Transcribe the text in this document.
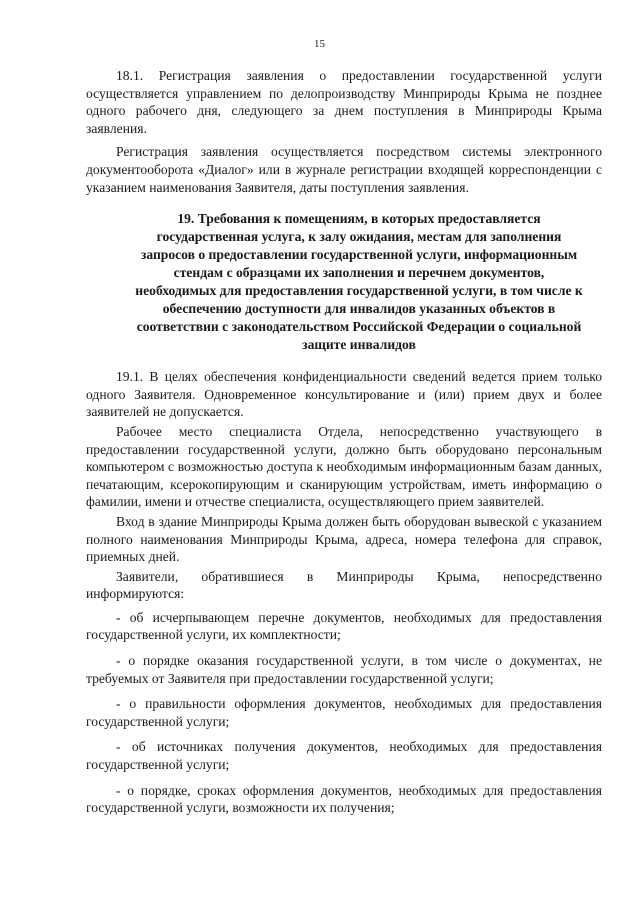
15

18.1. Регистрация заявления о предоставлении государственной услуги осуществляется управлением по делопроизводству Минприроды Крыма не позднее одного рабочего дня, следующего за днем поступления в Минприроды Крыма заявления.

Регистрация заявления осуществляется посредством системы электронного документооборота «Диалог» или в журнале регистрации входящей корреспонденции с указанием наименования Заявителя, даты поступления заявления.

19. Требования к помещениям, в которых предоставляется государственная услуга, к залу ожидания, местам для заполнения запросов о предоставлении государственной услуги, информационным стендам с образцами их заполнения и перечнем документов, необходимых для предоставления государственной услуги, в том числе к обеспечению доступности для инвалидов указанных объектов в соответствии с законодательством Российской Федерации о социальной защите инвалидов

19.1. В целях обеспечения конфиденциальности сведений ведется прием только одного Заявителя. Одновременное консультирование и (или) прием двух и более заявителей не допускается.

Рабочее место специалиста Отдела, непосредственно участвующего в предоставлении государственной услуги, должно быть оборудовано персональным компьютером с возможностью доступа к необходимым информационным базам данных, печатающим, ксерокопирующим и сканирующим устройствам, иметь информацию о фамилии, имени и отчестве специалиста, осуществляющего прием заявителей.

Вход в здание Минприроды Крыма должен быть оборудован вывеской с указанием полного наименования Минприроды Крыма, адреса, номера телефона для справок, приемных дней.

Заявители, обратившиеся в Минприроды Крыма, непосредственно информируются:

- об исчерпывающем перечне документов, необходимых для предоставления государственной услуги, их комплектности;

- о порядке оказания государственной услуги, в том числе о документах, не требуемых от Заявителя при предоставлении государственной услуги;

- о правильности оформления документов, необходимых для предоставления государственной услуги;

- об источниках получения документов, необходимых для предоставления государственной услуги;

- о порядке, сроках оформления документов, необходимых для предоставления государственной услуги, возможности их получения;
